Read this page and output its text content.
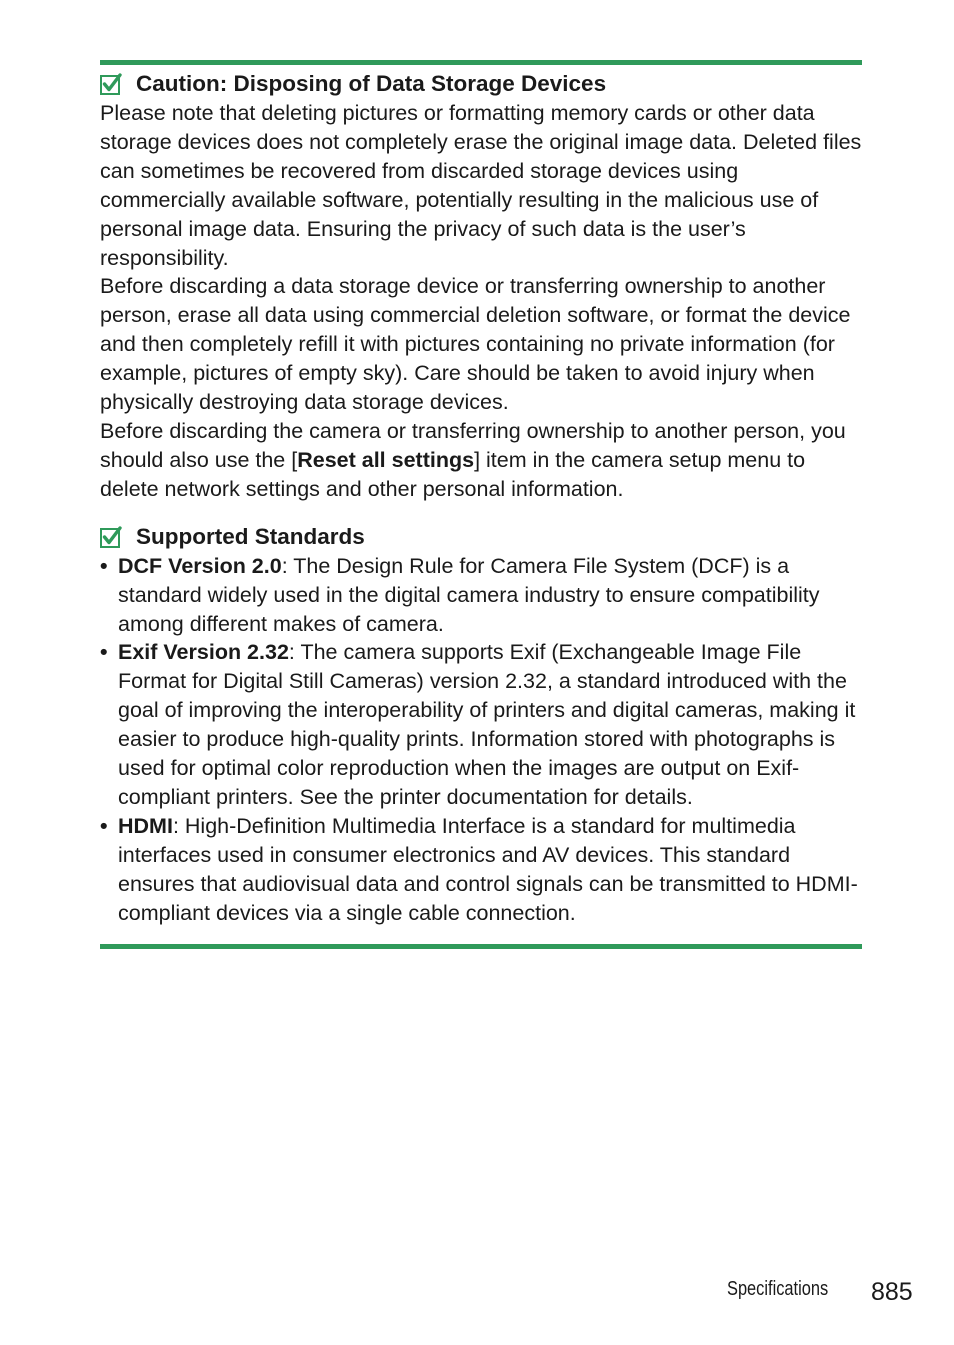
Caution: Disposing of Data Storage Devices

Please note that deleting pictures or formatting memory cards or other data storage devices does not completely erase the original image data. Deleted files can sometimes be recovered from discarded storage devices using commercially available software, potentially resulting in the malicious use of personal image data. Ensuring the privacy of such data is the user’s responsibility.

Before discarding a data storage device or transferring ownership to another person, erase all data using commercial deletion software, or format the device and then completely refill it with pictures containing no private information (for example, pictures of empty sky). Care should be taken to avoid injury when physically destroying data storage devices.

Before discarding the camera or transferring ownership to another person, you should also use the [Reset all settings] item in the camera setup menu to delete network settings and other personal information.

Supported Standards
• DCF Version 2.0: The Design Rule for Camera File System (DCF) is a standard widely used in the digital camera industry to ensure compatibility among different makes of camera.
• Exif Version 2.32: The camera supports Exif (Exchangeable Image File Format for Digital Still Cameras) version 2.32, a standard introduced with the goal of improving the interoperability of printers and digital cameras, making it easier to produce high-quality prints. Information stored with photographs is used for optimal color reproduction when the images are output on Exif-compliant printers. See the printer documentation for details.
• HDMI: High-Definition Multimedia Interface is a standard for multimedia interfaces used in consumer electronics and AV devices. This standard ensures that audiovisual data and control signals can be transmitted to HDMI-compliant devices via a single cable connection.
Specifications 885
